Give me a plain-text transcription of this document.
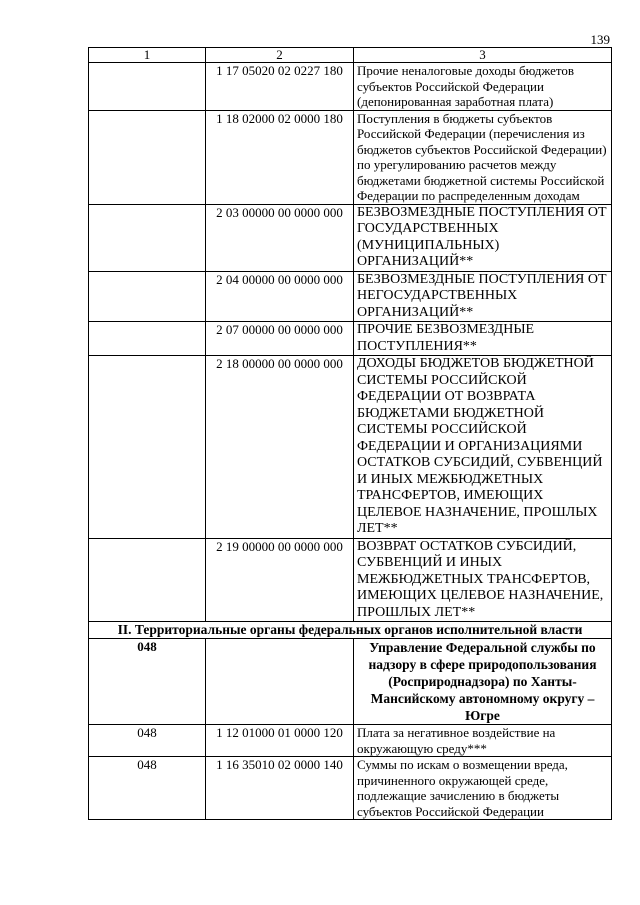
139
1	2	3
	1 17 05020 02 0227 180	Прочие неналоговые доходы бюджетов субъектов Российской Федерации (депонированная заработная плата)
	1 18 02000 02 0000 180	Поступления в бюджеты субъектов Российской Федерации (перечисления из бюджетов субъектов Российской Федерации) по урегулированию расчетов между бюджетами бюджетной системы Российской Федерации по распределенным доходам
	2 03 00000 00 0000 000	БЕЗВОЗМЕЗДНЫЕ ПОСТУПЛЕНИЯ ОТ ГОСУДАРСТВЕННЫХ (МУНИЦИПАЛЬНЫХ) ОРГАНИЗАЦИЙ**
	2 04 00000 00 0000 000	БЕЗВОЗМЕЗДНЫЕ ПОСТУПЛЕНИЯ ОТ НЕГОСУДАРСТВЕННЫХ ОРГАНИЗАЦИЙ**
	2 07 00000 00 0000 000	ПРОЧИЕ БЕЗВОЗМЕЗДНЫЕ ПОСТУПЛЕНИЯ**
	2 18 00000 00 0000 000	ДОХОДЫ БЮДЖЕТОВ БЮДЖЕТНОЙ СИСТЕМЫ РОССИЙСКОЙ ФЕДЕРАЦИИ ОТ ВОЗВРАТА БЮДЖЕТАМИ БЮДЖЕТНОЙ СИСТЕМЫ РОССИЙСКОЙ ФЕДЕРАЦИИ И ОРГАНИЗАЦИЯМИ ОСТАТКОВ СУБСИДИЙ, СУБВЕНЦИЙ И ИНЫХ МЕЖБЮДЖЕТНЫХ ТРАНСФЕРТОВ, ИМЕЮЩИХ ЦЕЛЕВОЕ НАЗНАЧЕНИЕ, ПРОШЛЫХ ЛЕТ**
	2 19 00000 00 0000 000	ВОЗВРАТ ОСТАТКОВ СУБСИДИЙ, СУБВЕНЦИЙ И ИНЫХ МЕЖБЮДЖЕТНЫХ ТРАНСФЕРТОВ, ИМЕЮЩИХ ЦЕЛЕВОЕ НАЗНАЧЕНИЕ, ПРОШЛЫХ ЛЕТ**
II. Территориальные органы федеральных органов исполнительной власти		
048		Управление Федеральной службы по надзору в сфере природопользования (Росприроднадзора) по Ханты-Мансийскому автономному округу – Югре
048	1 12 01000 01 0000 120	Плата за негативное воздействие на окружающую среду***
048	1 16 35010 02 0000 140	Суммы по искам о возмещении вреда, причиненного окружающей среде, подлежащие зачислению в бюджеты субъектов Российской Федерации
